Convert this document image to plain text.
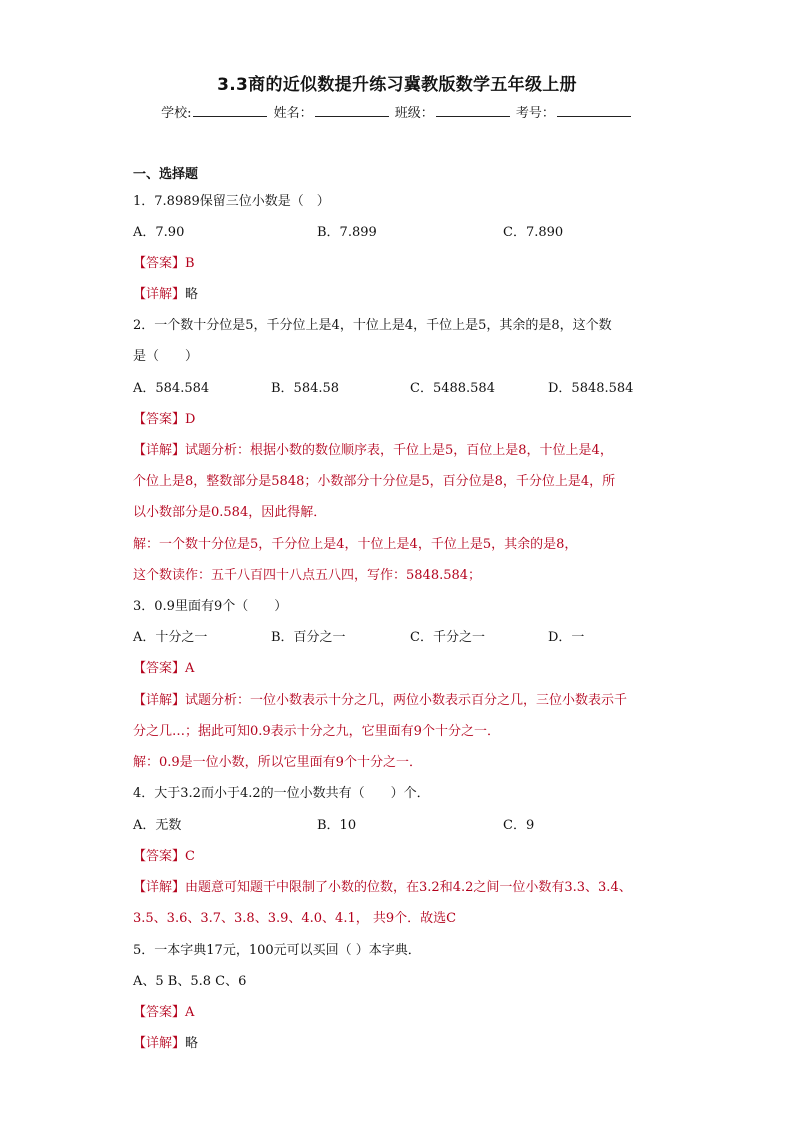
3.3商的近似数提升练习冀教版数学五年级上册
学校:	姓名：	班级：	考号：
一、选择题
1．7.8989保留三位小数是（　）
A．7.90	B．7.899	C．7.890
【答案】B
【详解】略
2．一个数十分位是5，千分位上是4，十位上是4，千位上是5，其余的是8，这个数
是（　　）
A．584.584	B．584.58	C．5488.584	D．5848.584
【答案】D
【详解】试题分析：根据小数的数位顺序表，千位上是5，百位上是8，十位上是4，
个位上是8，整数部分是5848；小数部分十分位是5，百分位是8，千分位上是4，所
以小数部分是0.584，因此得解．
解：一个数十分位是5，千分位上是4，十位上是4，千位上是5，其余的是8，
这个数读作：五千八百四十八点五八四，写作：5848.584；
3．0.9里面有9个（　　）
A．十分之一	B．百分之一	C．千分之一	D．一
【答案】A
【详解】试题分析：一位小数表示十分之几，两位小数表示百分之几，三位小数表示千
分之几…；据此可知0.9表示十分之九，它里面有9个十分之一．
解：0.9是一位小数，所以它里面有9个十分之一．
4．大于3.2而小于4.2的一位小数共有（　　）个．
A．无数	B．10	C．9
【答案】C
【详解】由题意可知题干中限制了小数的位数，在3.2和4.2之间一位小数有3.3、3.4、
3.5、3.6、3.7、3.8、3.9、4.0、4.1， 共9个．故选C
5．一本字典17元，100元可以买回（ ）本字典．
A、5 B、5.8 C、6
【答案】A
【详解】略
